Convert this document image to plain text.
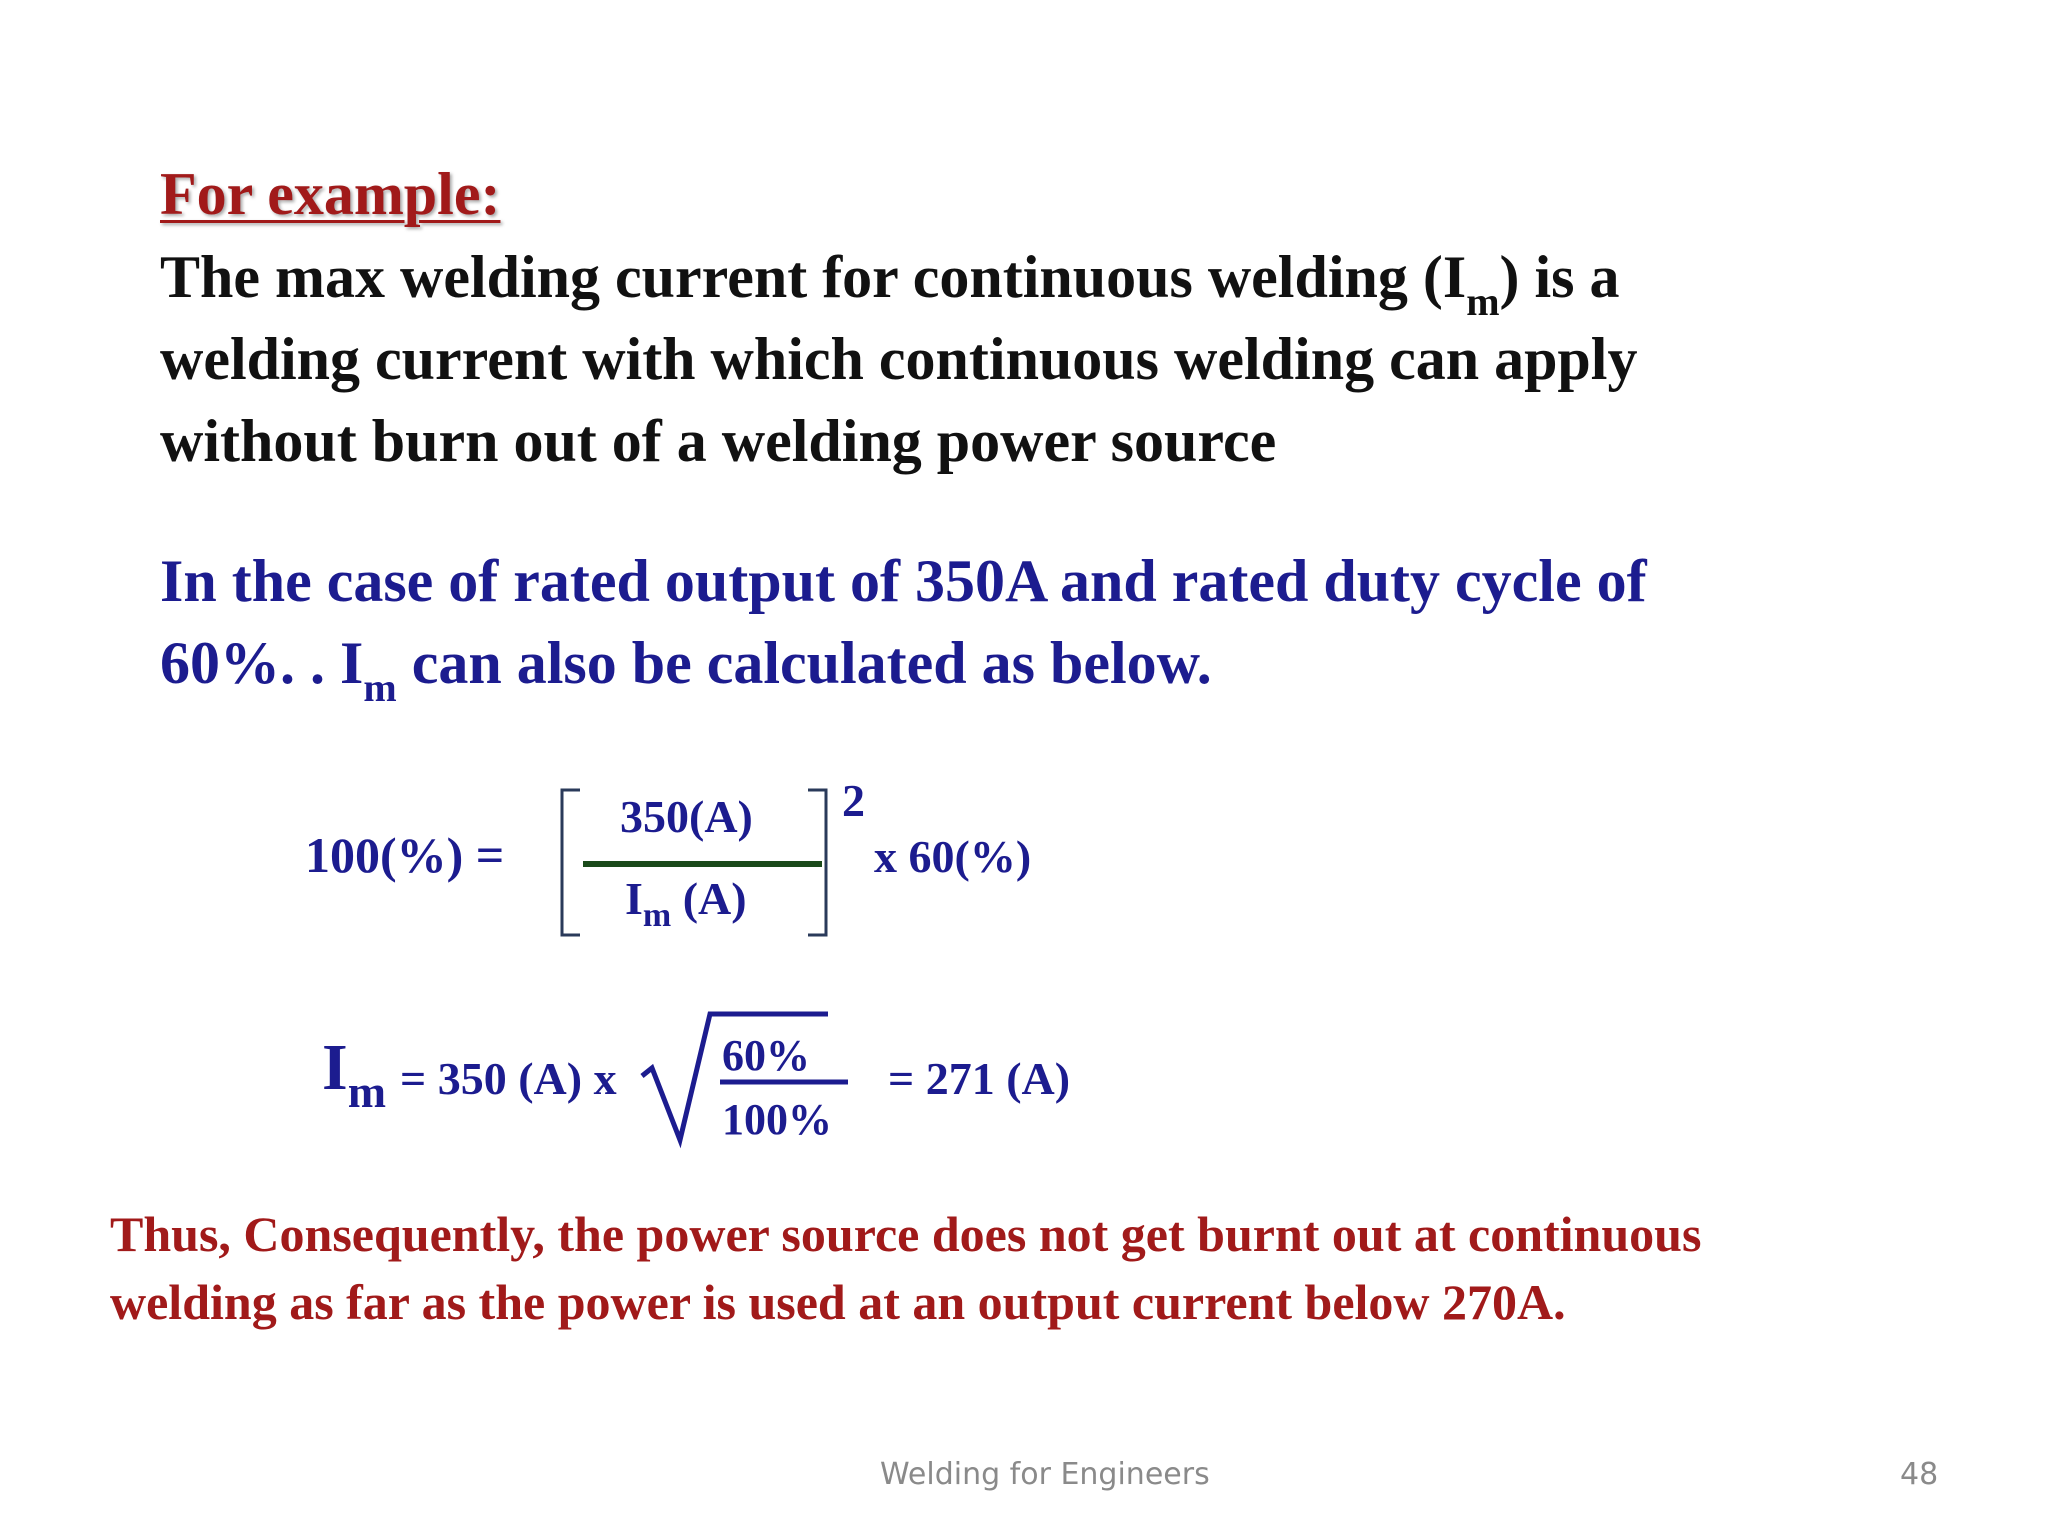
For example:
The max welding current for continuous welding $(I_m)$ is a
welding current with which continuous welding can apply
without burn out of a welding power source
In the case of rated output of 350A and rated duty cycle of
60%. . $I_m$ can also be calculated as below.
100(%) =
350(A)
$I_m$ (A)
2
x 60(%)
$I_m = 350$ (A) x 60%
100%
= 271 (A)
Thus, Consequently, the power source does not get burnt out at continuous
welding as far as the power is used at an output current below 270A.
Welding for Engineers	48
